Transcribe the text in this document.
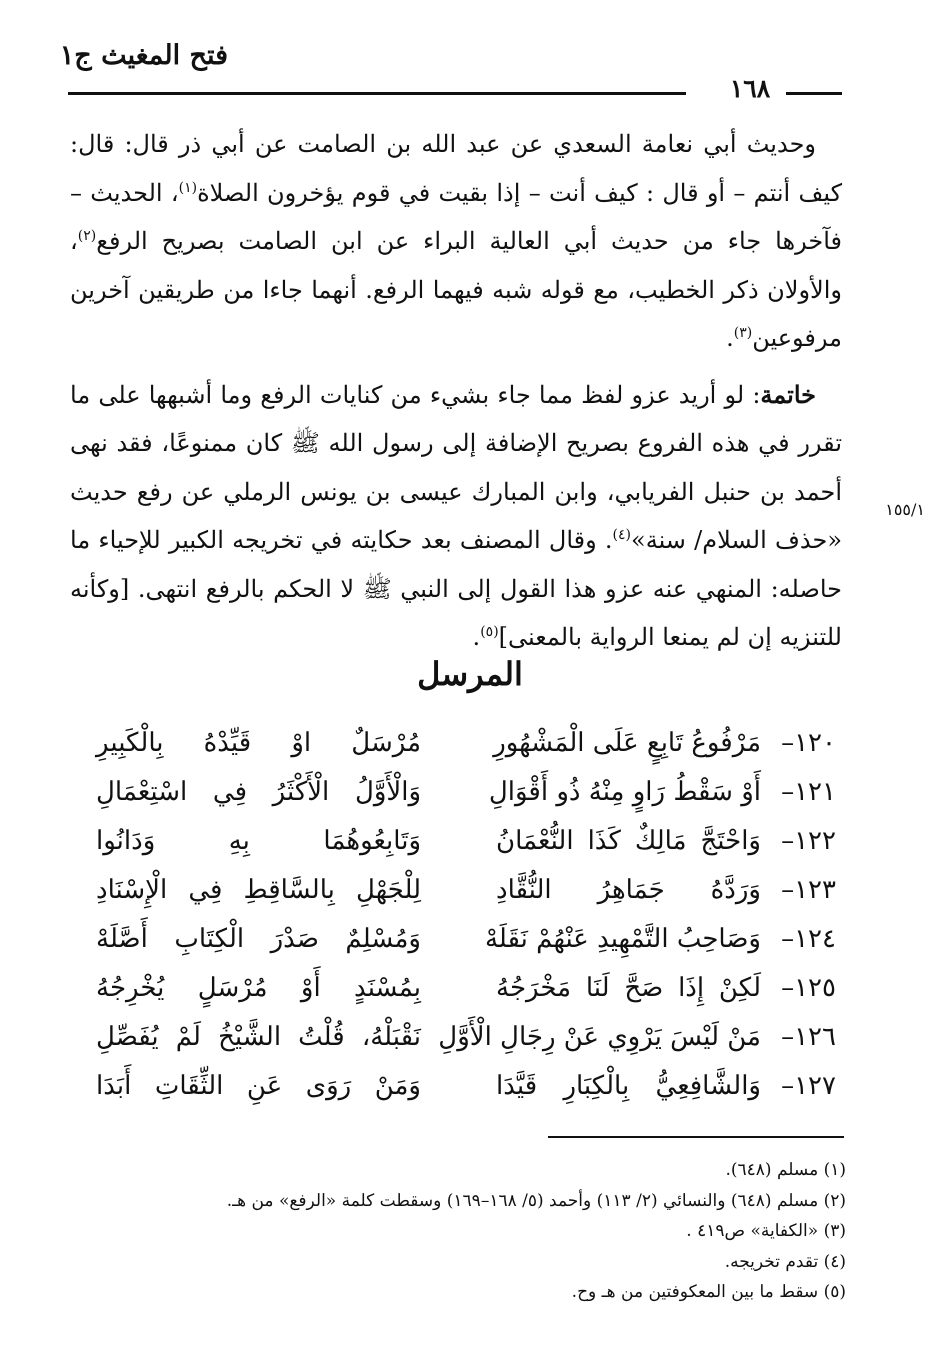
فتح المغيث ج١
١٦٨

وحديث أبي نعامة السعدي عن عبد الله بن الصامت عن أبي ذر قال: قال: كيف أنتم – أو قال : كيف أنت – إذا بقيت في قوم يؤخرون الصلاة$^{(١)}$، الحديث – فآخرها جاء من حديث أبي العالية البراء عن ابن الصامت بصريح الرفع$^{(٢)}$، والأولان ذكر الخطيب، مع قوله شبه فيهما الرفع. أنهما جاءا من طريقين آخرين مرفوعين$^{(٣)}$.

خاتمة: لو أريد عزو لفظ مما جاء بشيء من كنايات الرفع وما أشبهها على ما تقرر في هذه الفروع بصريح الإضافة إلى رسول الله ﷺ كان ممنوعًا، فقد نهى أحمد بن حنبل الفريابي، وابن المبارك عيسى بن يونس الرملي عن رفع حديث «حذف السلام/ سنة»$^{(٤)}$. وقال المصنف بعد حكايته في تخريجه الكبير للإحياء ما حاصله: المنهي عنه عزو هذا القول إلى النبي ﷺ لا الحكم بالرفع انتهى. [وكأنه للتنزيه إن لم يمنعا الرواية بالمعنى]$^{(٥)}$.

١٥٥/١
المرسل
١٢٠–
مَرْفُوعُ تَابِعٍ عَلَى الْمَشْهُورِ
مُرْسَلٌ اوْ قَيِّدْهُ بِالْكَبِيرِ
١٢١–
أَوْ سَقْطُ رَاوٍ مِنْهُ ذُو أَقْوَالِ
وَالْأَوَّلُ الْأَكْثَرُ فِي اسْتِعْمَالِ
١٢٢–
وَاحْتَجَّ مَالِكٌ كَذَا النُّعْمَانُ
وَتَابِعُوهُمَا بِهِ وَدَانُوا
١٢٣–
وَرَدَّهُ جَمَاهِرُ النُّقَّادِ
لِلْجَهْلِ بِالسَّاقِطِ فِي الْإِسْنَادِ
١٢٤–
وَصَاحِبُ التَّمْهِيدِ عَنْهُمْ نَقَلَهْ
وَمُسْلِمٌ صَدْرَ الْكِتَابِ أَصَّلَهْ
١٢٥–
لَكِنْ إِذَا صَحَّ لَنَا مَخْرَجُهُ
بِمُسْنَدٍ أَوْ مُرْسَلٍ يُخْرِجُهُ
١٢٦–
مَنْ لَيْسَ يَرْوِي عَنْ رِجَالِ الْأَوَّلِ
نَقْبَلْهُ، قُلْتُ الشَّيْخُ لَمْ يُفَصِّلِ
١٢٧–
وَالشَّافِعِيُّ بِالْكِبَارِ قَيَّدَا
وَمَنْ رَوَى عَنِ الثِّقَاتِ أَبَدَا
(١) مسلم (٦٤٨).
(٢) مسلم (٦٤٨) والنسائي (٢/ ١١٣) وأحمد (٥/ ١٦٨–١٦٩) وسقطت كلمة «الرفع» من هـ.
(٣) «الكفاية» ص٤١٩ .
(٤) تقدم تخريجه.
(٥) سقط ما بين المعكوفتين من هـ وح.
